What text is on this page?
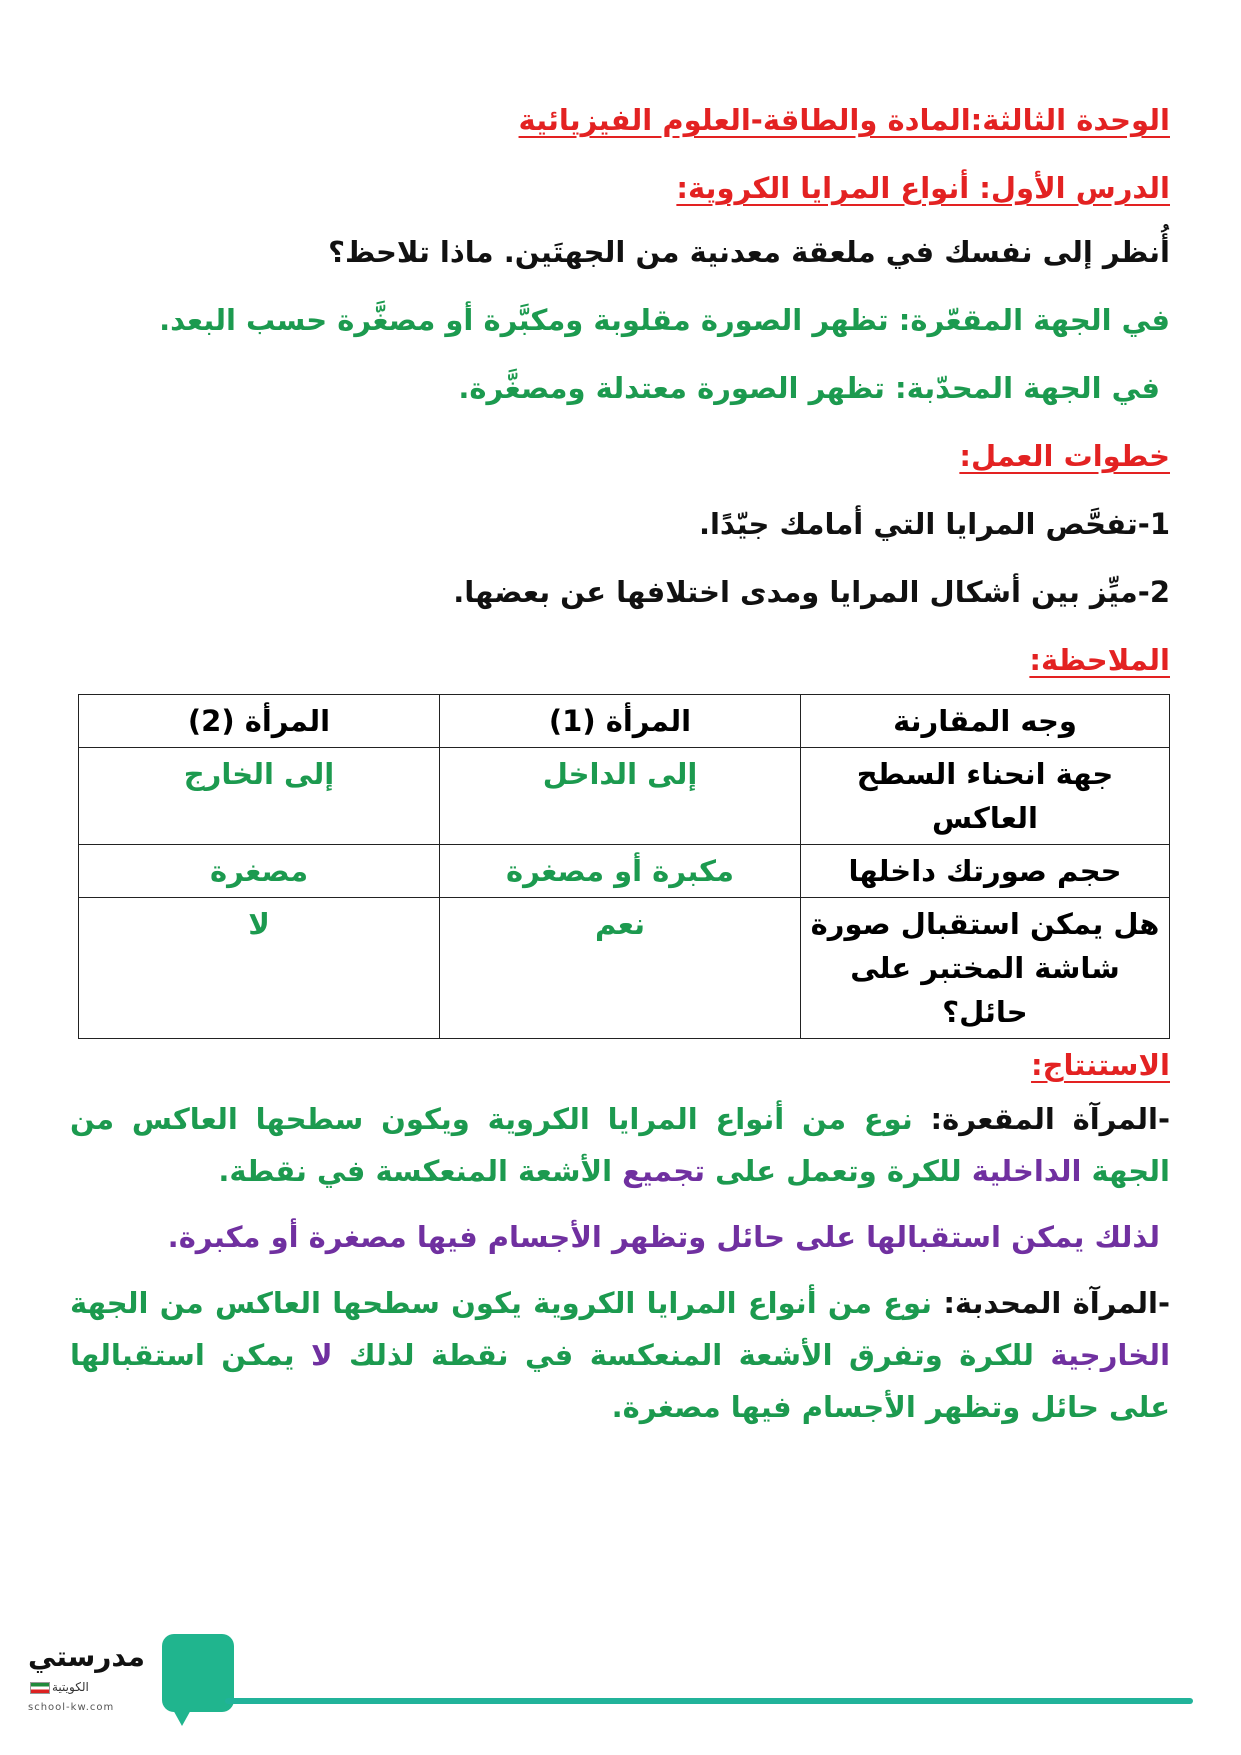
الوحدة الثالثة:المادة والطاقة-العلوم الفيزيائية

الدرس الأول: أنواع المرايا الكروية:

أُنظر إلى نفسك في ملعقة معدنية من الجهتَين. ماذا تلاحظ؟

في الجهة المقعّرة: تظهر الصورة مقلوبة ومكبَّرة أو مصغَّرة حسب البعد.

في الجهة المحدّبة: تظهر الصورة معتدلة ومصغَّرة.

خطوات العمل:

1-تفحَّص المرايا التي أمامك جيّدًا.

2-ميِّز بين أشكال المرايا ومدى اختلافها عن بعضها.

الملاحظة:

وجه المقارنة	المرأة (1)	المرأة (2)
جهة انحناء السطح العاكس	إلى الداخل	إلى الخارج
حجم صورتك داخلها	مكبرة أو مصغرة	مصغرة
هل يمكن استقبال صورة شاشة المختبر على حائل؟	نعم	لا

الاستنتاج:

-المرآة المقعرة: نوع من أنواع المرايا الكروية ويكون سطحها العاكس من الجهة الداخلية للكرة وتعمل على تجميع الأشعة المنعكسة في نقطة.

لذلك يمكن استقبالها على حائل وتظهر الأجسام فيها مصغرة أو مكبرة.

-المرآة المحدبة: نوع من أنواع المرايا الكروية يكون سطحها العاكس من الجهة الخارجية للكرة وتفرق الأشعة المنعكسة في نقطة لذلك لا يمكن استقبالها على حائل وتظهر الأجسام فيها مصغرة.

مدرستي
الكويتية
school-kw.com
